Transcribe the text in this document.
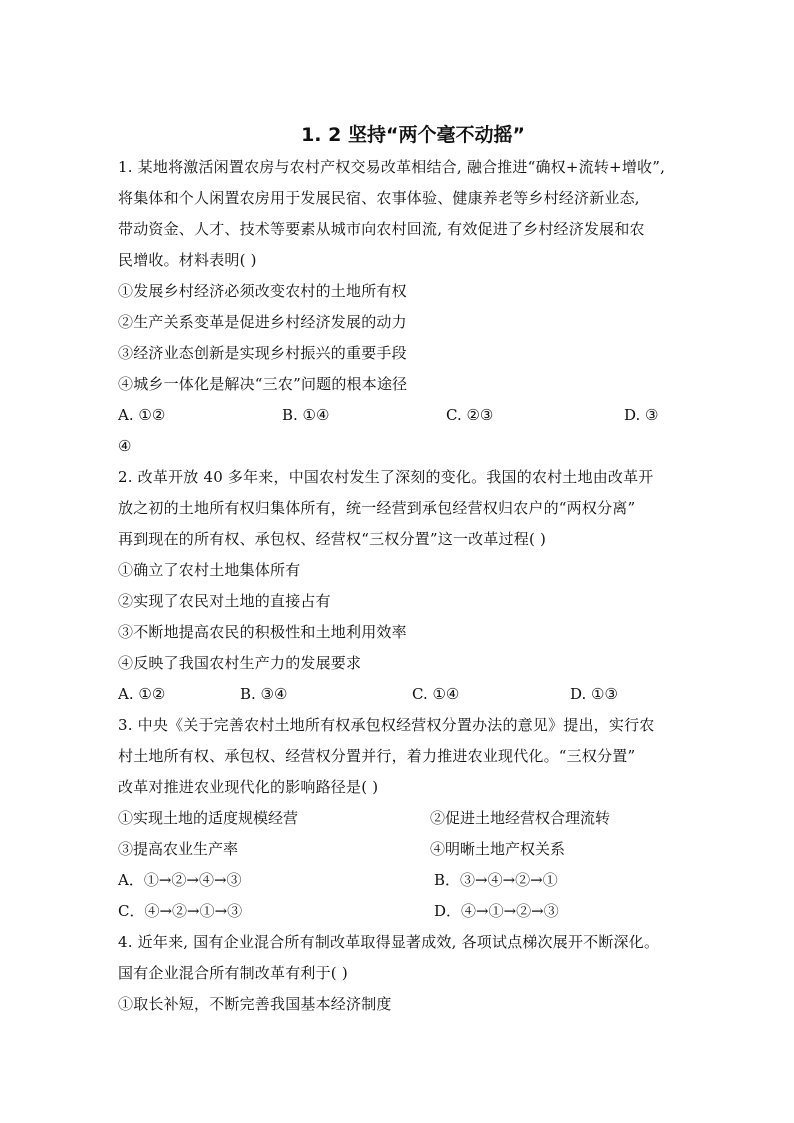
1. 2 坚持“两个毫不动摇”
1. 某地将激活闲置农房与农村产权交易改革相结合, 融合推进“确权+流转+增收”,
将集体和个人闲置农房用于发展民宿、农事体验、健康养老等乡村经济新业态,
带动资金、人才、技术等要素从城市向农村回流, 有效促进了乡村经济发展和农
民增收。材料表明( )
①发展乡村经济必须改变农村的土地所有权
②生产关系变革是促进乡村经济发展的动力
③经济业态创新是实现乡村振兴的重要手段
④城乡一体化是解决“三农”问题的根本途径
A. ①②	B. ①④	C. ②③	D. ③
④
2. 改革开放 40 多年来，中国农村发生了深刻的变化。我国的农村土地由改革开
放之初的土地所有权归集体所有，统一经营到承包经营权归农户的“两权分离”
再到现在的所有权、承包权、经营权“三权分置”这一改革过程( )
①确立了农村土地集体所有
②实现了农民对土地的直接占有
③不断地提高农民的积极性和土地利用效率
④反映了我国农村生产力的发展要求
A. ①②	B. ③④	C. ①④	D. ①③
3. 中央《关于完善农村土地所有权承包权经营权分置办法的意见》提出，实行农
村土地所有权、承包权、经营权分置并行，着力推进农业现代化。“三权分置”
改革对推进农业现代化的影响路径是( )
①实现土地的适度规模经营	②促进土地经营权合理流转
③提高农业生产率	④明晰土地产权关系
A．①→②→④→③	B．③→④→②→①
C．④→②→①→③	D．④→①→②→③
4. 近年来, 国有企业混合所有制改革取得显著成效, 各项试点梯次展开不断深化。
国有企业混合所有制改革有利于( )
①取长补短，不断完善我国基本经济制度
